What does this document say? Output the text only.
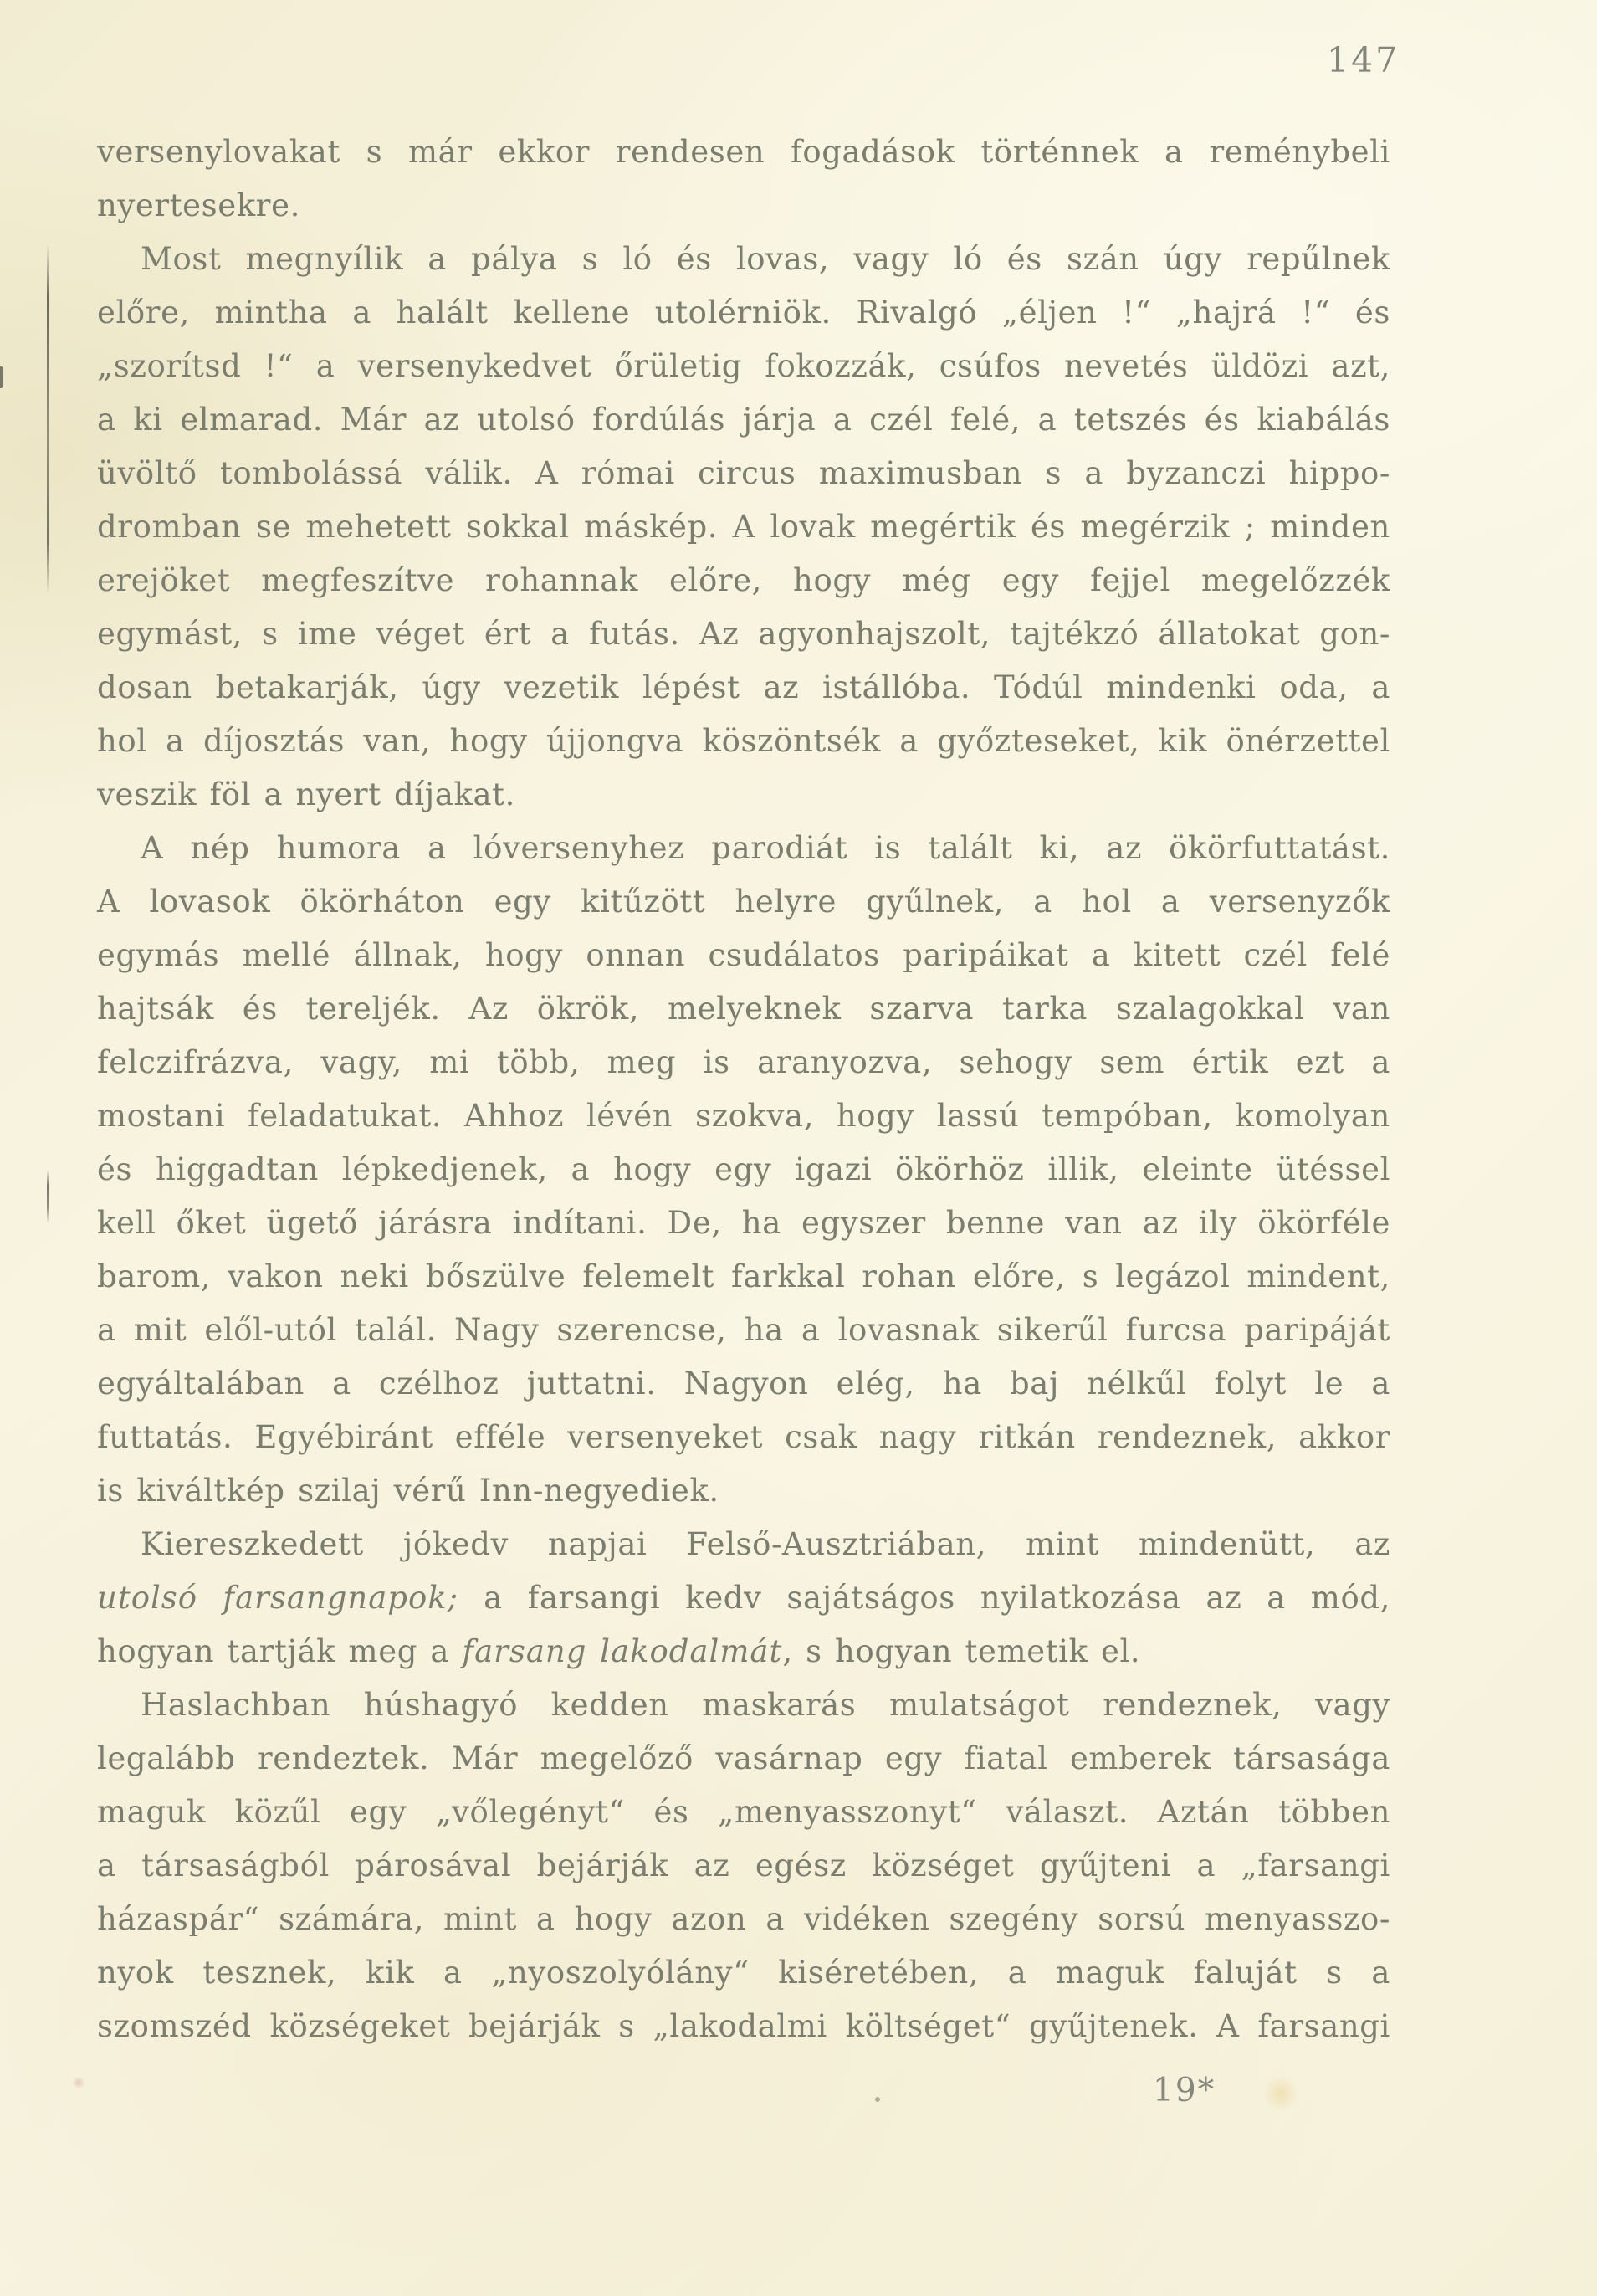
147
versenylovakat s már ekkor rendesen fogadások történnek a reménybeli
nyertesekre.
Most megnyílik a pálya s ló és lovas, vagy ló és szán úgy repűlnek
előre, mintha a halált kellene utolérniök. Rivalgó „éljen !“ „hajrá !“ és
„szorítsd !“ a versenykedvet őrületig fokozzák, csúfos nevetés üldözi azt,
a ki elmarad. Már az utolsó fordúlás járja a czél felé, a tetszés és kiabálás
üvöltő tombolássá válik. A római circus maximusban s a byzanczi hippo-
dromban se mehetett sokkal máskép. A lovak megértik és megérzik ; minden
erejöket megfeszítve rohannak előre, hogy még egy fejjel megelőzzék
egymást, s ime véget ért a futás. Az agyonhajszolt, tajtékzó állatokat gon-
dosan betakarják, úgy vezetik lépést az istállóba. Tódúl mindenki oda, a
hol a díjosztás van, hogy újjongva köszöntsék a győzteseket, kik önérzettel
veszik föl a nyert díjakat.
A nép humora a lóversenyhez parodiát is talált ki, az ökörfuttatást.
A lovasok ökörháton egy kitűzött helyre gyűlnek, a hol a versenyzők
egymás mellé állnak, hogy onnan csudálatos paripáikat a kitett czél felé
hajtsák és tereljék. Az ökrök, melyeknek szarva tarka szalagokkal van
felczifrázva, vagy, mi több, meg is aranyozva, sehogy sem értik ezt a
mostani feladatukat. Ahhoz lévén szokva, hogy lassú tempóban, komolyan
és higgadtan lépkedjenek, a hogy egy igazi ökörhöz illik, eleinte ütéssel
kell őket ügető járásra indítani. De, ha egyszer benne van az ily ökörféle
barom, vakon neki bőszülve felemelt farkkal rohan előre, s legázol mindent,
a mit elől-utól talál. Nagy szerencse, ha a lovasnak sikerűl furcsa paripáját
egyáltalában a czélhoz juttatni. Nagyon elég, ha baj nélkűl folyt le a
futtatás. Egyébiránt efféle versenyeket csak nagy ritkán rendeznek, akkor
is kiváltkép szilaj vérű Inn-negyediek.
Kiereszkedett jókedv napjai Felső-Ausztriában, mint mindenütt, az
utolsó farsangnapok; a farsangi kedv sajátságos nyilatkozása az a mód,
hogyan tartják meg a farsang lakodalmát, s hogyan temetik el.
Haslachban húshagyó kedden maskarás mulatságot rendeznek, vagy
legalább rendeztek. Már megelőző vasárnap egy fiatal emberek társasága
maguk közűl egy „vőlegényt“ és „menyasszonyt“ választ. Aztán többen
a társaságból párosával bejárják az egész községet gyűjteni a „farsangi
házaspár“ számára, mint a hogy azon a vidéken szegény sorsú menyasszo-
nyok tesznek, kik a „nyoszolyólány“ kiséretében, a maguk faluját s a
szomszéd községeket bejárják s „lakodalmi költséget“ gyűjtenek. A farsangi
19*
